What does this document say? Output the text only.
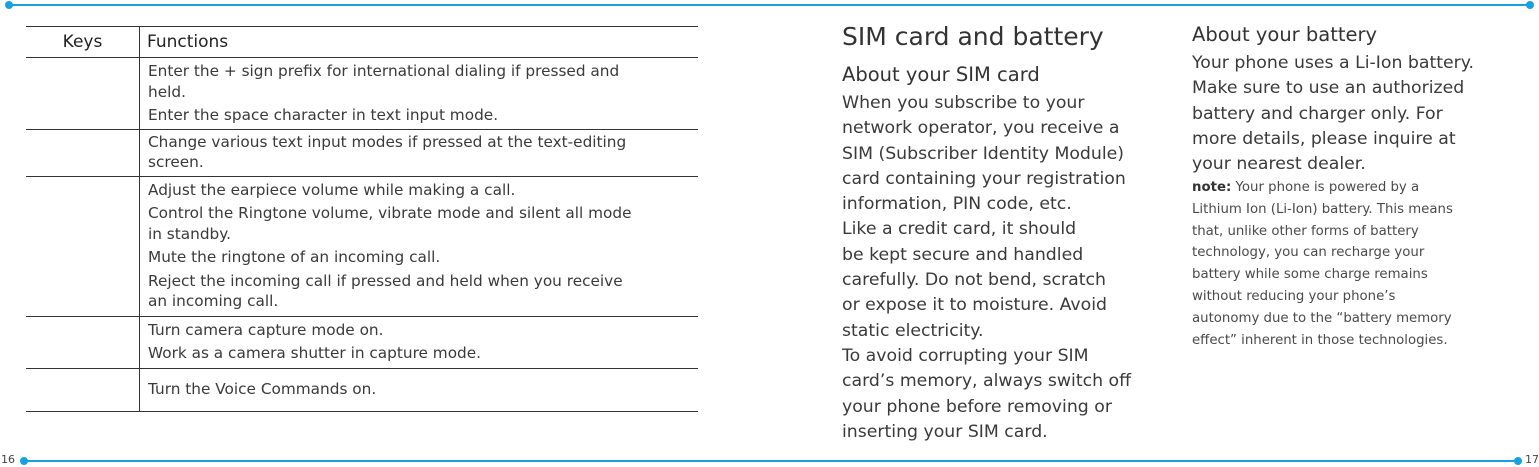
16	17
Keys	Functions
Enter the + sign prefix for international dialing if pressed and
held.
Enter the space character in text input mode.
Change various text input modes if pressed at the text-editing
screen.
Adjust the earpiece volume while making a call.
Control the Ringtone volume, vibrate mode and silent all mode
in standby.
Mute the ringtone of an incoming call.
Reject the incoming call if pressed and held when you receive
an incoming call.
Turn camera capture mode on.
Work as a camera shutter in capture mode.
Turn the Voice Commands on.
SIM card and battery
About your SIM card
When you subscribe to your
network operator, you receive a
SIM (Subscriber Identity Module)
card containing your registration
information, PIN code, etc.
Like a credit card, it should
be kept secure and handled
carefully. Do not bend, scratch
or expose it to moisture. Avoid
static electricity.
To avoid corrupting your SIM
card’s memory, always switch off
your phone before removing or
inserting your SIM card.
About your battery
Your phone uses a Li-Ion battery.
Make sure to use an authorized
battery and charger only. For
more details, please inquire at
your nearest dealer.
note: Your phone is powered by a
Lithium Ion (Li-Ion) battery. This means
that, unlike other forms of battery
technology, you can recharge your
battery while some charge remains
without reducing your phone’s
autonomy due to the “battery memory
effect” inherent in those technologies.
